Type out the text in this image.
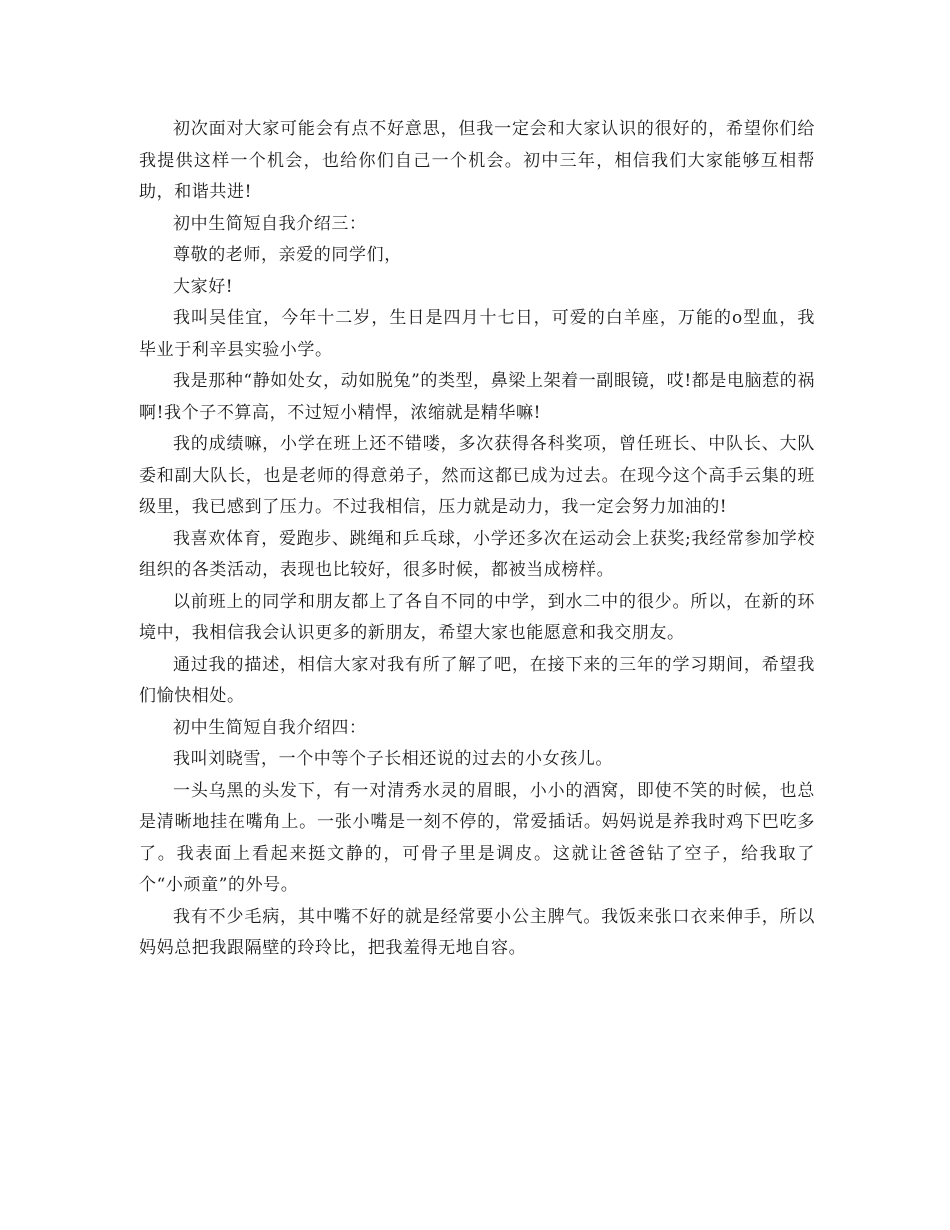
初次面对大家可能会有点不好意思，但我一定会和大家认识的很好的，希望你们给我提供这样一个机会，也给你们自己一个机会。初中三年，相信我们大家能够互相帮助，和谐共进!

初中生简短自我介绍三：

尊敬的老师，亲爱的同学们，

大家好!

我叫吴佳宜，今年十二岁，生日是四月十七日，可爱的白羊座，万能的o型血，我毕业于利辛县实验小学。

我是那种“静如处女，动如脱兔”的类型，鼻梁上架着一副眼镜，哎!都是电脑惹的祸啊!我个子不算高，不过短小精悍，浓缩就是精华嘛!

我的成绩嘛，小学在班上还不错喽，多次获得各科奖项，曾任班长、中队长、大队委和副大队长，也是老师的得意弟子，然而这都已成为过去。在现今这个高手云集的班级里，我已感到了压力。不过我相信，压力就是动力，我一定会努力加油的!

我喜欢体育，爱跑步、跳绳和乒乓球，小学还多次在运动会上获奖;我经常参加学校组织的各类活动，表现也比较好，很多时候，都被当成榜样。

以前班上的同学和朋友都上了各自不同的中学，到水二中的很少。所以，在新的环境中，我相信我会认识更多的新朋友，希望大家也能愿意和我交朋友。

通过我的描述，相信大家对我有所了解了吧，在接下来的三年的学习期间，希望我们愉快相处。

初中生简短自我介绍四：

我叫刘晓雪，一个中等个子长相还说的过去的小女孩儿。

一头乌黑的头发下，有一对清秀水灵的眉眼，小小的酒窝，即使不笑的时候，也总是清晰地挂在嘴角上。一张小嘴是一刻不停的，常爱插话。妈妈说是养我时鸡下巴吃多了。我表面上看起来挺文静的，可骨子里是调皮。这就让爸爸钻了空子，给我取了个“小顽童”的外号。

我有不少毛病，其中嘴不好的就是经常要小公主脾气。我饭来张口衣来伸手，所以妈妈总把我跟隔壁的玲玲比，把我羞得无地自容。
